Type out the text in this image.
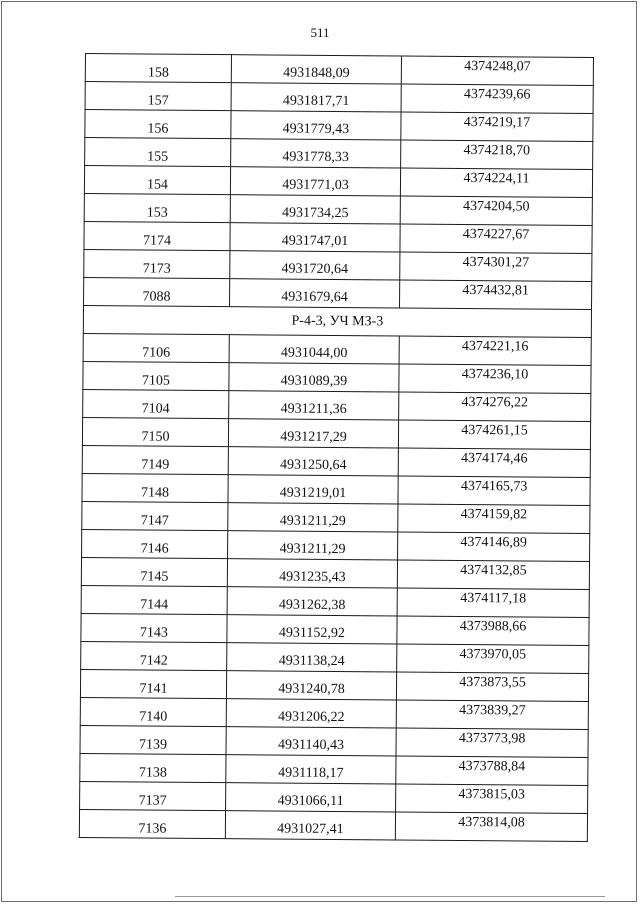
511
158	4931848,09	4374248,07
157	4931817,71	4374239,66
156	4931779,43	4374219,17
155	4931778,33	4374218,70
154	4931771,03	4374224,11
153	4931734,25	4374204,50
7174	4931747,01	4374227,67
7173	4931720,64	4374301,27
7088	4931679,64	4374432,81
Р-4-3, УЧ МЗ-3		
7106	4931044,00	4374221,16
7105	4931089,39	4374236,10
7104	4931211,36	4374276,22
7150	4931217,29	4374261,15
7149	4931250,64	4374174,46
7148	4931219,01	4374165,73
7147	4931211,29	4374159,82
7146	4931211,29	4374146,89
7145	4931235,43	4374132,85
7144	4931262,38	4374117,18
7143	4931152,92	4373988,66
7142	4931138,24	4373970,05
7141	4931240,78	4373873,55
7140	4931206,22	4373839,27
7139	4931140,43	4373773,98
7138	4931118,17	4373788,84
7137	4931066,11	4373815,03
7136	4931027,41	4373814,08
